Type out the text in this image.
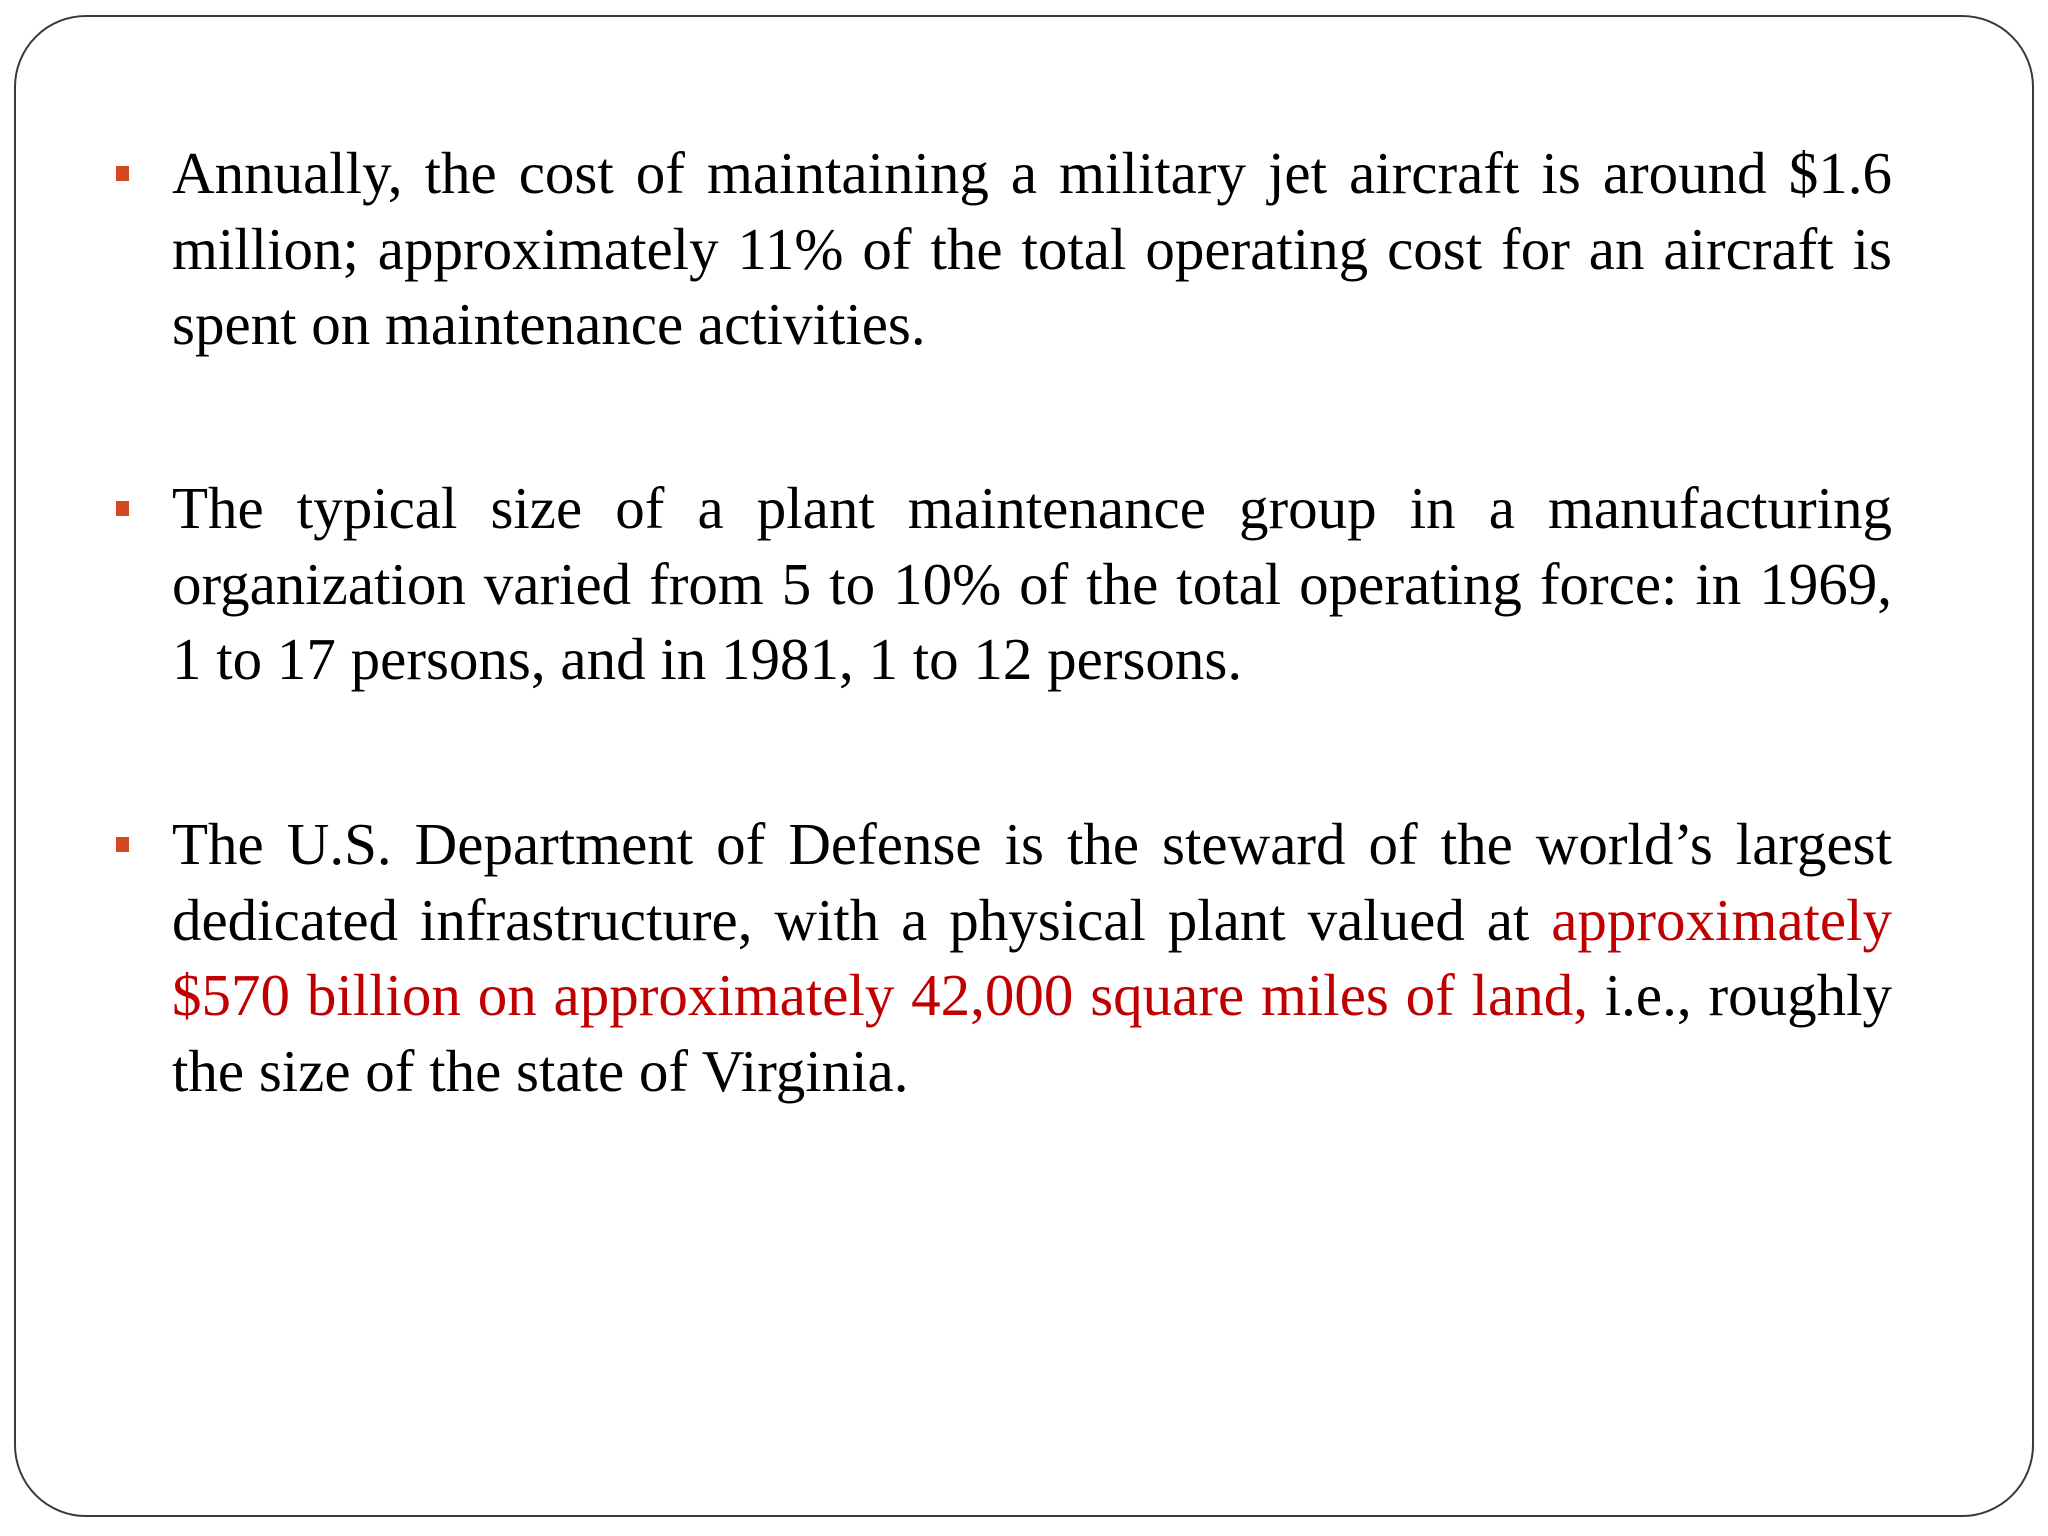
Annually, the cost of maintaining a military jet aircraft is around $1.6 million; approximately 11% of the total operating cost for an aircraft is spent on maintenance activities.
The typical size of a plant maintenance group in a manufacturing organization varied from 5 to 10% of the total operating force: in 1969, 1 to 17 persons, and in 1981, 1 to 12 persons.
The U.S. Department of Defense is the steward of the world’s largest dedicated infrastructure, with a physical plant valued at approximately $570 billion on approximately 42,000 square miles of land, i.e., roughly the size of the state of Virginia.
